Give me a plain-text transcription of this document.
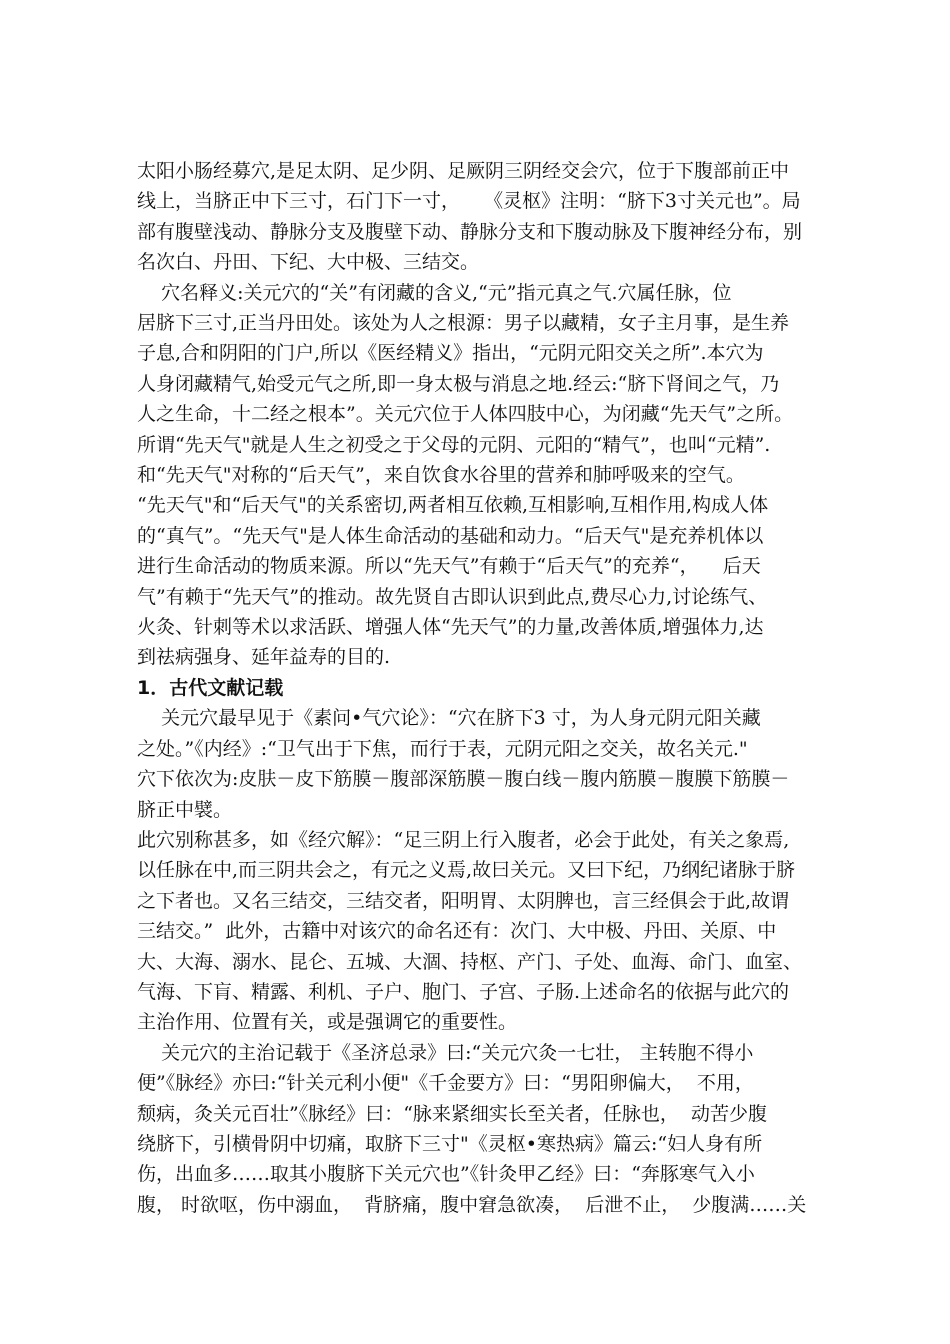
太阳小肠经募穴,是足太阴、足少阴、足厥阴三阴经交会穴，位于下腹部前正中
线上，当脐正中下三寸，石门下一寸，    《灵枢》注明：“脐下3寸关元也”。局
部有腹壁浅动、静脉分支及腹壁下动、静脉分支和下腹动脉及下腹神经分布，别
名次白、丹田、下纪、大中极、三结交。
穴名释义:关元穴的“关”有闭藏的含义,“元”指元真之气.穴属任脉，位
居脐下三寸,正当丹田处。该处为人之根源：男子以藏精，女子主月事，是生养
子息,合和阴阳的门户,所以《医经精义》指出，“元阴元阳交关之所”.本穴为
人身闭藏精气,始受元气之所,即一身太极与消息之地.经云:“脐下肾间之气，乃
人之生命，十二经之根本”。关元穴位于人体四肢中心，为闭藏“先天气”之所。
所谓“先天气"就是人生之初受之于父母的元阴、元阳的“精气”，也叫“元精”.
和“先天气"对称的“后天气”，来自饮食水谷里的营养和肺呼吸来的空气。
“先天气"和“后天气"的关系密切,两者相互依赖,互相影响,互相作用,构成人体
的“真气”。“先天气"是人体生命活动的基础和动力。“后天气"是充养机体以
进行生命活动的物质来源。所以“先天气”有赖于“后天气”的充养“，    后天
气”有赖于“先天气”的推动。故先贤自古即认识到此点,费尽心力,讨论练气、
火灸、针刺等术以求活跃、增强人体“先天气”的力量,改善体质,增强体力,达
到祛病强身、延年益寿的目的.
1．古代文献记载
关元穴最早见于《素问•气穴论》：“穴在脐下3 寸，为人身元阴元阳关藏
之处。”《内经》:“卫气出于下焦，而行于表，元阴元阳之交关，故名关元."
穴下依次为:皮肤－皮下筋膜－腹部深筋膜－腹白线－腹内筋膜－腹膜下筋膜－
脐正中襞。
此穴别称甚多，如《经穴解》：“足三阴上行入腹者，必会于此处，有关之象焉,
以任脉在中,而三阴共会之，有元之义焉,故曰关元。又曰下纪，乃纲纪诸脉于脐
之下者也。又名三结交，三结交者，阳明胃、太阴脾也，言三经俱会于此,故谓
三结交。”  此外，古籍中对该穴的命名还有：次门、大中极、丹田、关原、中
大、大海、溺水、昆仑、五城、大涸、持枢、产门、子处、血海、命门、血室、
气海、下肓、精露、利机、子户、胞门、子宫、子肠.上述命名的依据与此穴的
主治作用、位置有关，或是强调它的重要性。
关元穴的主治记载于《圣济总录》曰:“关元穴灸一七壮， 主转胞不得小
便”《脉经》亦曰:“针关元利小便"《千金要方》曰：“男阳卵偏大，  不用，
颓病，灸关元百壮”《脉经》曰：“脉来紧细实长至关者，任脉也，  动苦少腹
绕脐下，引横骨阴中切痛，取脐下三寸"《灵枢•寒热病》篇云:“妇人身有所
伤，出血多……取其小腹脐下关元穴也”《针灸甲乙经》曰：“奔豚寒气入小
腹， 时欲呕，伤中溺血，  背脐痛，腹中窘急欲凑，  后泄不止，  少腹满……关
